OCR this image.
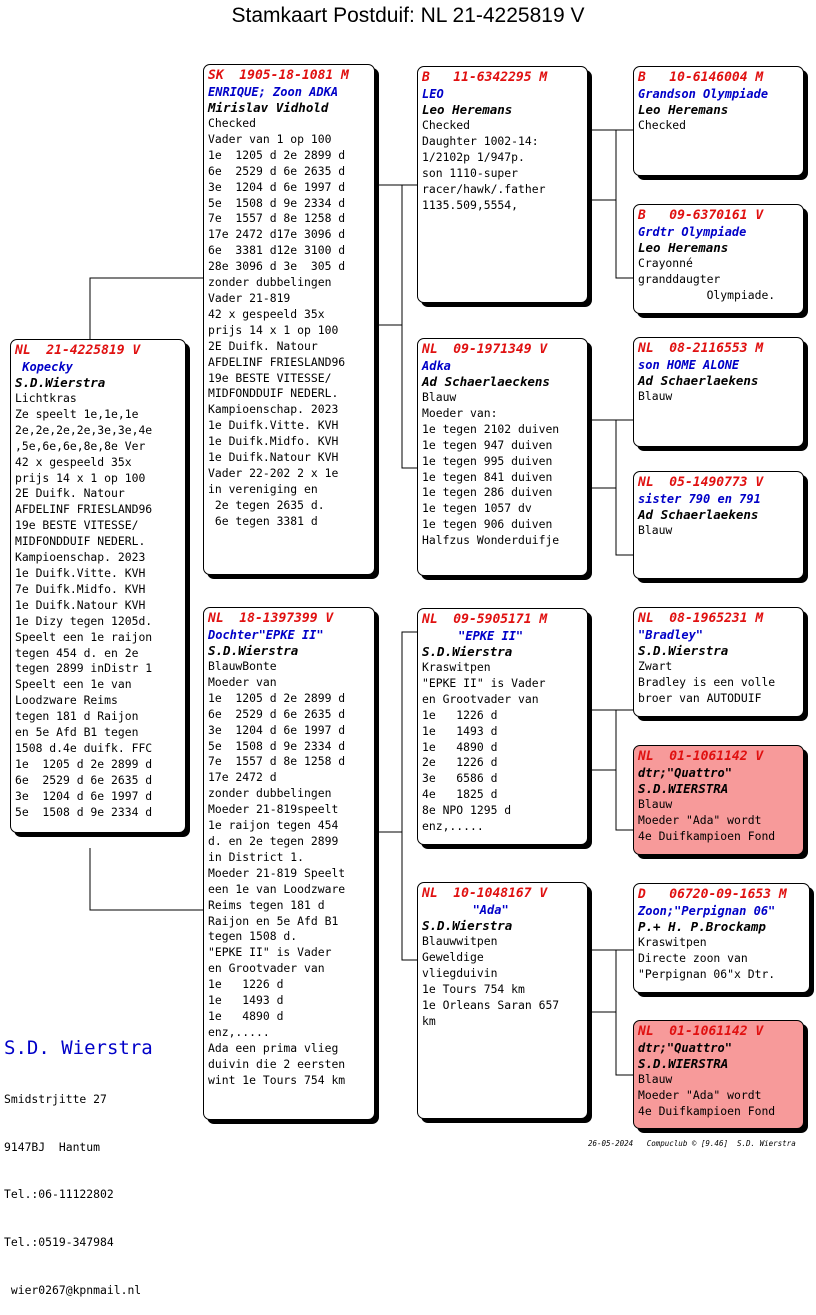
Stamkaart Postduif: NL 21-4225819 V
NL  21-4225819 V
Kopecky
S.D.Wierstra
Lichtkras
Ze speelt 1e,1e,1e
2e,2e,2e,2e,3e,3e,4e
,5e,6e,6e,8e,8e Ver
42 x gespeeld 35x
prijs 14 x 1 op 100
2E Duifk. Natour
AFDELINF FRIESLAND96
19e BESTE VITESSE/
MIDFONDDUIF NEDERL.
Kampioenschap. 2023
1e Duifk.Vitte. KVH
7e Duifk.Midfo. KVH
1e Duifk.Natour KVH
1e Dizy tegen 1205d.
Speelt een 1e raijon
tegen 454 d. en 2e
tegen 2899 inDistr 1
Speelt een 1e van
Loodzware Reims
tegen 181 d Raijon
en 5e Afd B1 tegen
1508 d.4e duifk. FFC
1e  1205 d 2e 2899 d
6e  2529 d 6e 2635 d
3e  1204 d 6e 1997 d
5e  1508 d 9e 2334 d
SK  1905-18-1081 M
ENRIQUE; Zoon ADKA
Mirislav Vidhold
Checked
Vader van 1 op 100
1e  1205 d 2e 2899 d
6e  2529 d 6e 2635 d
3e  1204 d 6e 1997 d
5e  1508 d 9e 2334 d
7e  1557 d 8e 1258 d
17e 2472 d17e 3096 d
6e  3381 d12e 3100 d
28e 3096 d 3e  305 d
zonder dubbelingen
Vader 21-819
42 x gespeeld 35x
prijs 14 x 1 op 100
2E Duifk. Natour
AFDELINF FRIESLAND96
19e BESTE VITESSE/
MIDFONDDUIF NEDERL.
Kampioenschap. 2023
1e Duifk.Vitte. KVH
1e Duifk.Midfo. KVH
1e Duifk.Natour KVH
Vader 22-202 2 x 1e
in vereniging en
2e tegen 2635 d.
6e tegen 3381 d
NL  18-1397399 V
Dochter"EPKE II"
S.D.Wierstra
BlauwBonte
Moeder van
1e  1205 d 2e 2899 d
6e  2529 d 6e 2635 d
3e  1204 d 6e 1997 d
5e  1508 d 9e 2334 d
7e  1557 d 8e 1258 d
17e 2472 d
zonder dubbelingen
Moeder 21-819speelt
1e raijon tegen 454
d. en 2e tegen 2899
in District 1.
Moeder 21-819 Speelt
een 1e van Loodzware
Reims tegen 181 d
Raijon en 5e Afd B1
tegen 1508 d.
"EPKE II" is Vader
en Grootvader van
1e   1226 d
1e   1493 d
1e   4890 d
enz,.....
Ada een prima vlieg
duivin die 2 eersten
wint 1e Tours 754 km
B   11-6342295 M
LEO
Leo Heremans
Checked
Daughter 1002-14:
1/2102p 1/947p.
son 1110-super
racer/hawk/.father
1135.509,5554,
NL  09-1971349 V
Adka
Ad Schaerlaeckens
Blauw
Moeder van:
1e tegen 2102 duiven
1e tegen 947 duiven
1e tegen 995 duiven
1e tegen 841 duiven
1e tegen 286 duiven
1e tegen 1057 dv
1e tegen 906 duiven
Halfzus Wonderduifje
NL  09-5905171 M
"EPKE II"
S.D.Wierstra
Kraswitpen
"EPKE II" is Vader
en Grootvader van
1e   1226 d
1e   1493 d
1e   4890 d
2e   1226 d
3e   6586 d
4e   1825 d
8e NPO 1295 d
enz,.....
NL  10-1048167 V
"Ada"
S.D.Wierstra
Blauwwitpen
Geweldige
vliegduivin
1e Tours 754 km
1e Orleans Saran 657
km
B   10-6146004 M
Grandson Olympiade
Leo Heremans
Checked
B   09-6370161 V
Grdtr Olympiade
Leo Heremans
Crayonné
granddaugter
Olympiade.
NL  08-2116553 M
son HOME ALONE
Ad Schaerlaekens
Blauw
NL  05-1490773 V
sister 790 en 791
Ad Schaerlaekens
Blauw
NL  08-1965231 M
"Bradley"
S.D.Wierstra
Zwart
Bradley is een volle
broer van AUTODUIF
NL  01-1061142 V
dtr;"Quattro"
S.D.WIERSTRA
Blauw
Moeder "Ada" wordt
4e Duifkampioen Fond
D   06720-09-1653 M
Zoon;"Perpignan 06"
P.+ H. P.Brockamp
Kraswitpen
Directe zoon van
"Perpignan 06"x Dtr.
NL  01-1061142 V
dtr;"Quattro"
S.D.WIERSTRA
Blauw
Moeder "Ada" wordt
4e Duifkampioen Fond
S.D. Wierstra

Smidstrjitte 27

9147BJ  Hantum

Tel.:06-11122802

Tel.:0519-347984

wier0267@kpnmail.nl

26-05-2024   Compuclub © [9.46]  S.D. Wierstra
